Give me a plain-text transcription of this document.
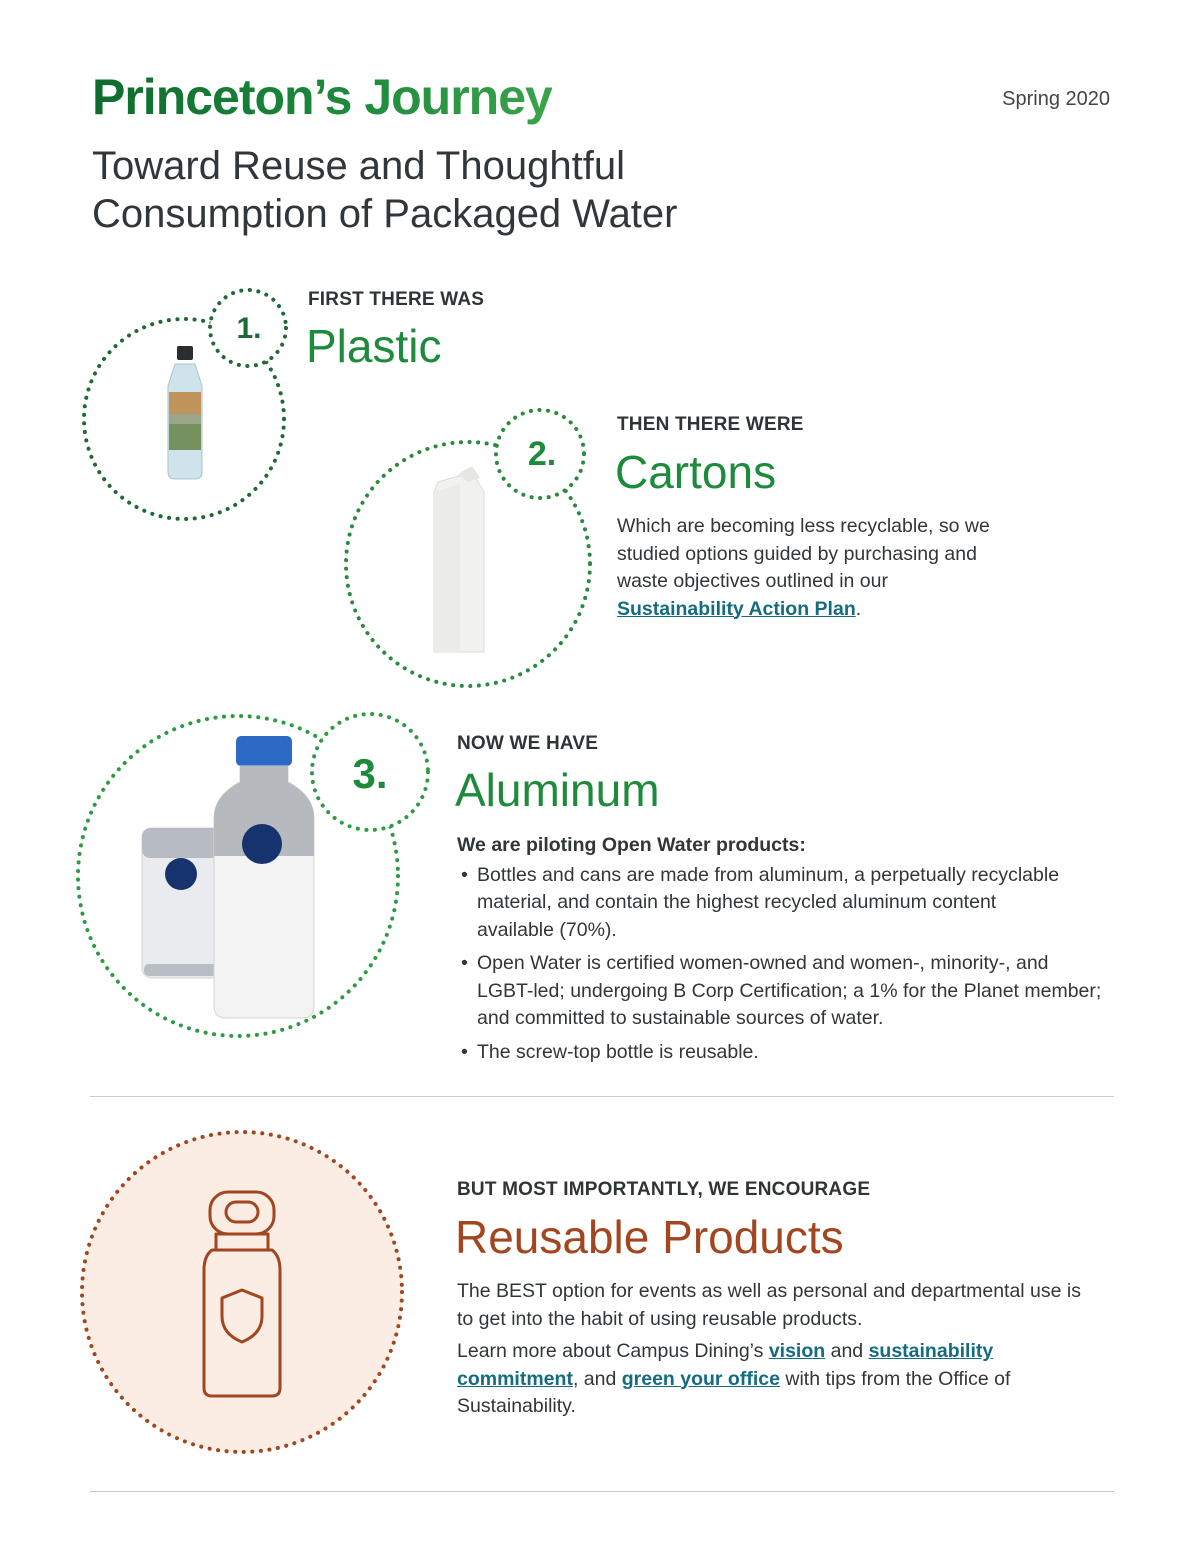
Princeton’s Journey	Spring 2020
Toward Reuse and Thoughtful Consumption of Packaged Water
1.
FIRST THERE WAS
Plastic
2.
THEN THERE WERE
Cartons
Which are becoming less recyclable, so we studied options guided by purchasing and waste objectives outlined in our Sustainability Action Plan.
3.
NOW WE HAVE
Aluminum
We are piloting Open Water products:
• Bottles and cans are made from aluminum, a perpetually recyclable material, and contain the highest recycled aluminum content available (70%).
• Open Water is certified women-owned and women-, minority-, and LGBT-led; undergoing B Corp Certification; a 1% for the Planet member; and committed to sustainable sources of water.
• The screw-top bottle is reusable.
BUT MOST IMPORTANTLY, WE ENCOURAGE
Reusable Products
The BEST option for events as well as personal and departmental use is to get into the habit of using reusable products.
Learn more about Campus Dining’s vision and sustainability commitment, and green your office with tips from the Office of Sustainability.
